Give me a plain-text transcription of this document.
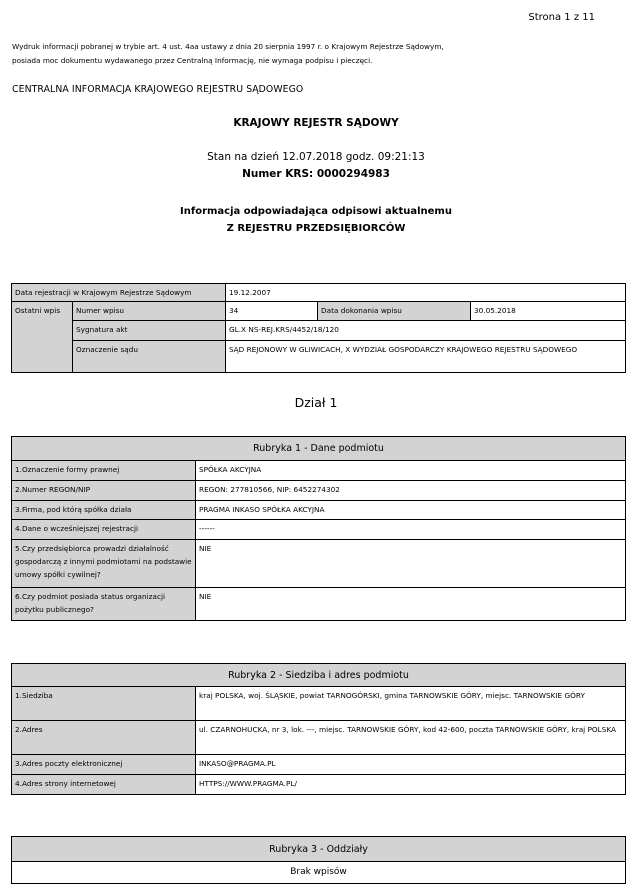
Strona 1 z 11
Wydruk informacji pobranej w trybie art. 4 ust. 4aa ustawy z dnia 20 sierpnia 1997 r. o Krajowym Rejestrze Sądowym,
posiada moc dokumentu wydawanego przez Centralną Informację, nie wymaga podpisu i pieczęci.
CENTRALNA INFORMACJA KRAJOWEGO REJESTRU SĄDOWEGO
KRAJOWY REJESTR SĄDOWY
Stan na dzień 12.07.2018 godz. 09:21:13
Numer KRS: 0000294983
Informacja odpowiadająca odpisowi aktualnemu
Z REJESTRU PRZEDSIĘBIORCÓW
Data rejestracji w Krajowym Rejestrze Sądowym		19.12.2007		
Ostatni wpis	Numer wpisu	34	Data dokonania wpisu	30.05.2018
	Sygnatura akt	GL.X NS-REJ.KRS/4452/18/120		
	Oznaczenie sądu	SĄD REJONOWY W GLIWICACH, X WYDZIAŁ GOSPODARCZY KRAJOWEGO REJESTRU SĄDOWEGO		
Dział 1
Rubryka 1 - Dane podmiotu	
1.Oznaczenie formy prawnej	SPÓŁKA AKCYJNA
2.Numer REGON/NIP	REGON: 277810566, NIP: 6452274302
3.Firma, pod którą spółka działa	PRAGMA INKASO SPÓŁKA AKCYJNA
4.Dane o wcześniejszej rejestracji	------
5.Czy przedsiębiorca prowadzi działalność gospodarczą z innymi podmiotami na podstawie umowy spółki cywilnej?	NIE
6.Czy podmiot posiada status organizacji pożytku publicznego?	NIE
Rubryka 2 - Siedziba i adres podmiotu	
1.Siedziba	kraj POLSKA, woj. ŚLĄSKIE, powiat TARNOGÓRSKI, gmina TARNOWSKIE GÓRY, miejsc. TARNOWSKIE GÓRY
2.Adres	ul. CZARNOHUCKA, nr 3, lok. ---, miejsc. TARNOWSKIE GÓRY, kod 42-600, poczta TARNOWSKIE GÓRY, kraj POLSKA
3.Adres poczty elektronicznej	INKASO@PRAGMA.PL
4.Adres strony internetowej	HTTPS://WWW.PRAGMA.PL/
Rubryka 3 - Oddziały
Brak wpisów
